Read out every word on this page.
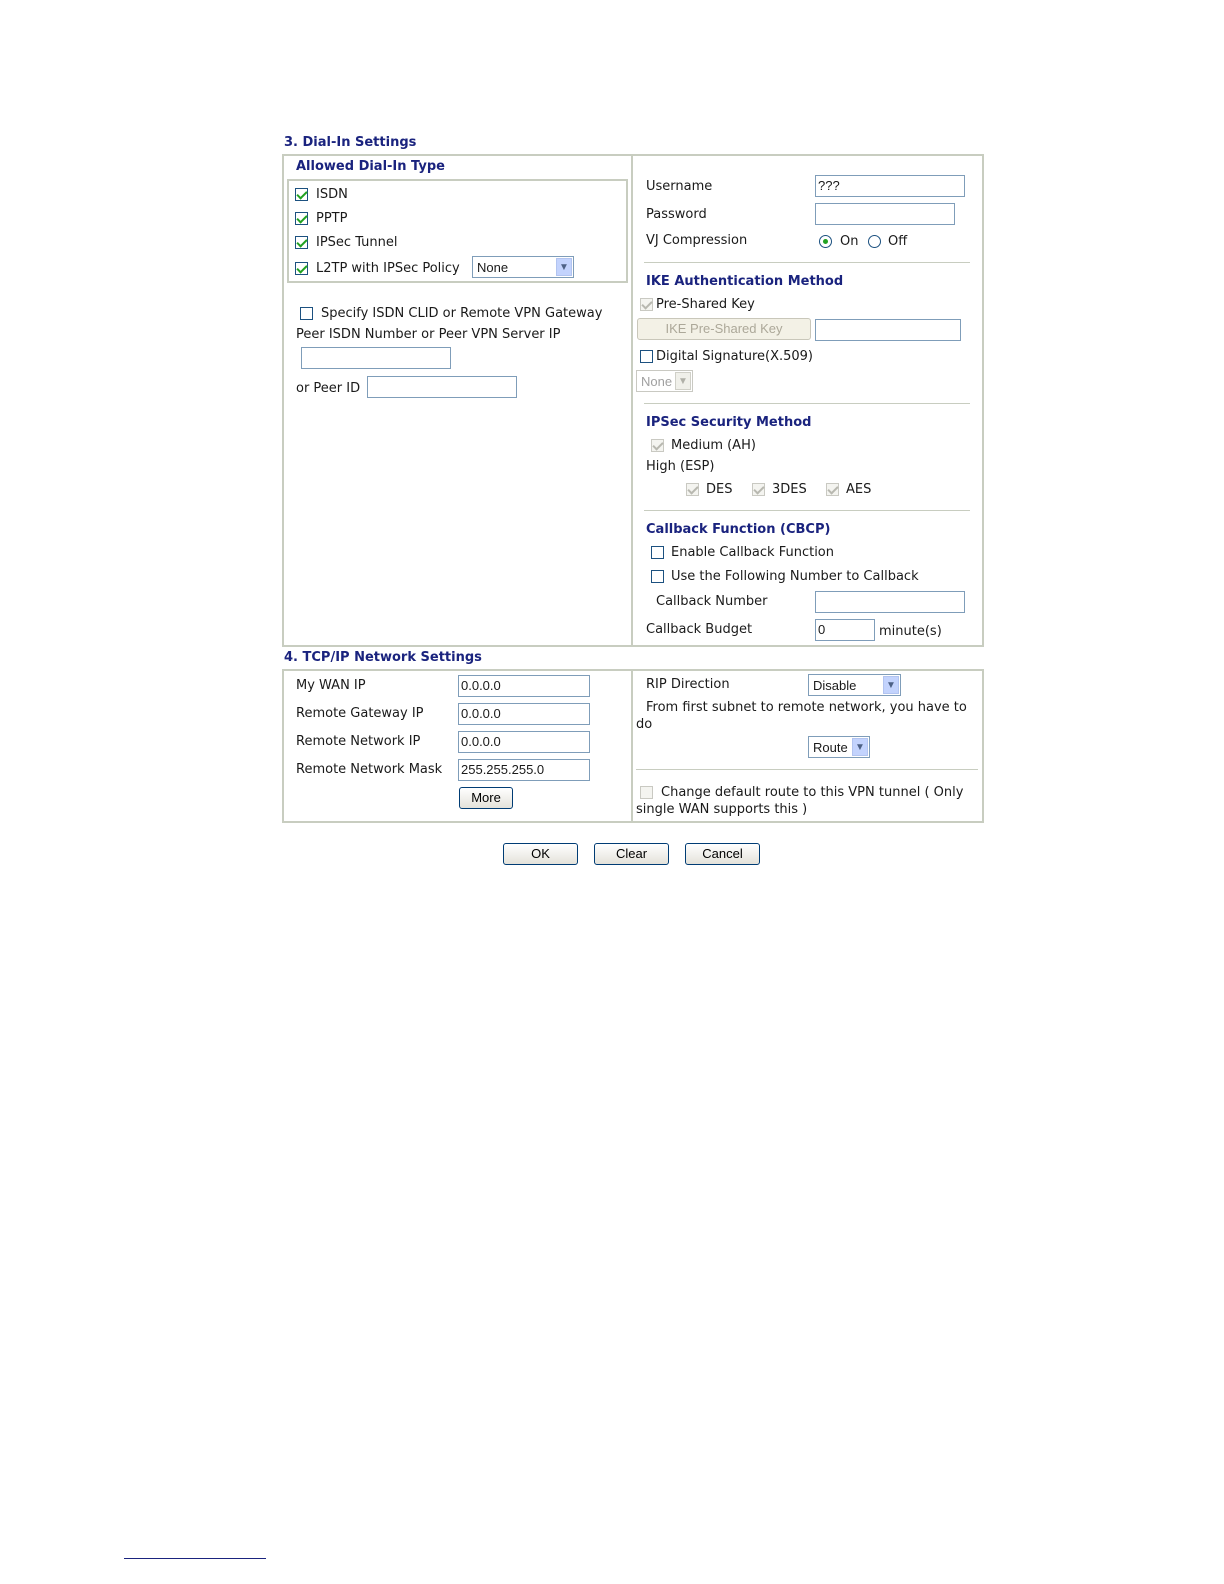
3. Dial-In Settings
Allowed Dial-In Type
ISDN
PPTP
IPSec Tunnel
L2TP with IPSec Policy None	▼
Specify ISDN CLID or Remote VPN Gateway
Peer ISDN Number or Peer VPN Server IP
or Peer ID
Username	???
Password
VJ Compression	On Off
IKE Authentication Method
Pre-Shared Key
IKE Pre-Shared Key
Digital Signature(X.509)
None ▼
IPSec Security Method
Medium (AH)
High (ESP)
DES	3DES	AES
Callback Function (CBCP)
Enable Callback Function
Use the Following Number to Callback
Callback Number
Callback Budget	0	minute(s)
4. TCP/IP Network Settings
My WAN IP	0.0.0.0
Remote Gateway IP	0.0.0.0
Remote Network IP	0.0.0.0
Remote Network Mask 255.255.255.0
More
RIP Direction	Disable	▼
From first subnet to remote network, you have to
do
Route ▼
Change default route to this VPN tunnel ( Only
single WAN supports this )
OK	Clear	Cancel
